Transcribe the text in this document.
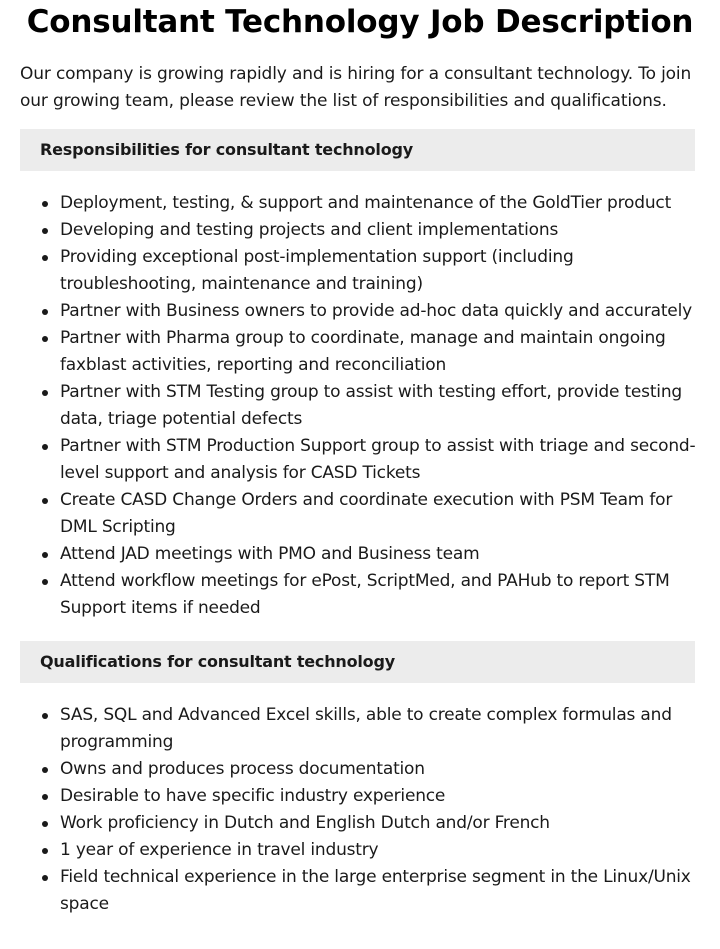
Consultant Technology Job Description

Our company is growing rapidly and is hiring for a consultant technology. To join our growing team, please review the list of responsibilities and qualifications.

Responsibilities for consultant technology
Deployment, testing, & support and maintenance of the GoldTier product
Developing and testing projects and client implementations
Providing exceptional post-implementation support (including troubleshooting, maintenance and training)
Partner with Business owners to provide ad-hoc data quickly and accurately
Partner with Pharma group to coordinate, manage and maintain ongoing faxblast activities, reporting and reconciliation
Partner with STM Testing group to assist with testing effort, provide testing data, triage potential defects
Partner with STM Production Support group to assist with triage and second-level support and analysis for CASD Tickets
Create CASD Change Orders and coordinate execution with PSM Team for DML Scripting
Attend JAD meetings with PMO and Business team
Attend workflow meetings for ePost, ScriptMed, and PAHub to report STM Support items if needed
Qualifications for consultant technology
SAS, SQL and Advanced Excel skills, able to create complex formulas and programming
Owns and produces process documentation
Desirable to have specific industry experience
Work proficiency in Dutch and English Dutch and/or French
1 year of experience in travel industry
Field technical experience in the large enterprise segment in the Linux/Unix space
